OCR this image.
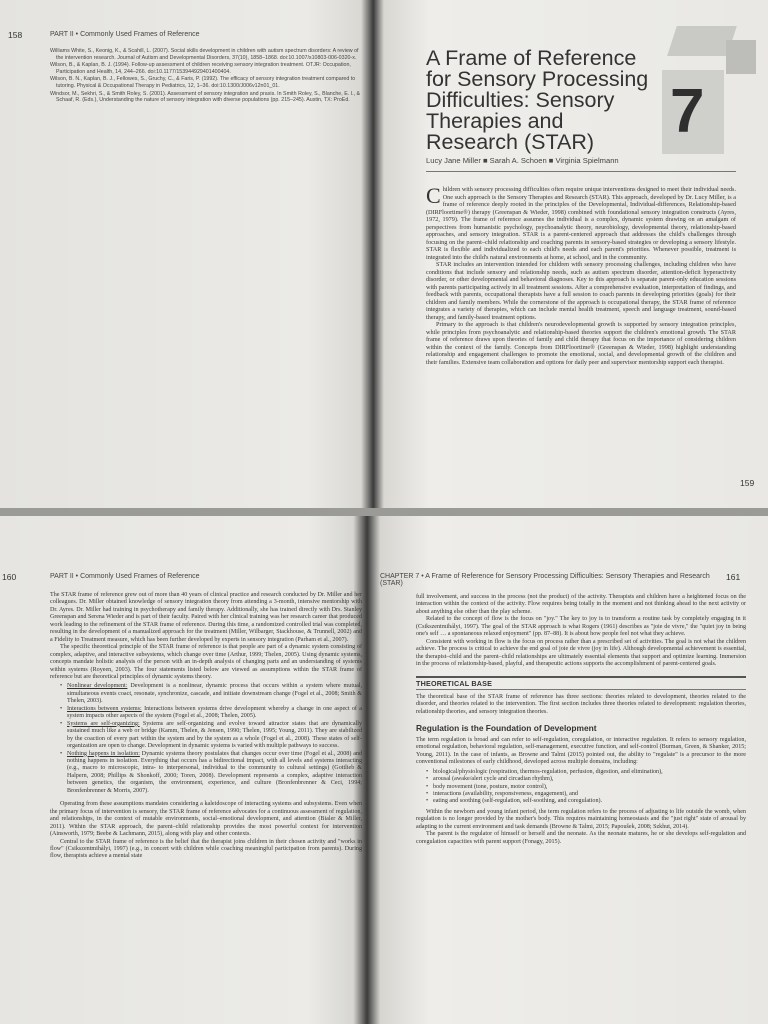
158	PART II • Commonly Used Frames of Reference

Williams White, S., Keonig, K., & Scahill, L. (2007). Social skills development in children with autism spectrum disorders: A review of the intervention research. Journal of Autism and Developmental Disorders, 37(10), 1858–1868. doi:10.1007/s10803-006-0320-x.

Wilson, B., & Kaplan, B. J. (1994). Follow-up assessment of children receiving sensory integration treatment. OTJR: Occupation, Participation and Health, 14, 244–266. doi:10.1177/153944929401400404.

Wilson, B. N., Kaplan, B. J., Fellowes, S., Gruchy, C., & Faris, P. (1992). The efficacy of sensory integration treatment compared to tutoring. Physical & Occupational Therapy in Pediatrics, 12, 1–36. doi:10.1300/J006v12n01_01.

Windsor, M., Sekhri, S., & Smith Roley, S. (2001). Assessment of sensory integration and praxis. In Smith Roley, S., Blanche, E. I., & Schaaf, R. (Eds.), Understanding the nature of sensory integration with diverse populations (pp. 215–245). Austin, TX: ProEd.

A Frame of Reference for Sensory Processing Difficulties: Sensory Therapies and Research (STAR)	7
Lucy Jane Miller ■ Sarah A. Schoen ■ Virginia Spielmann

Children with sensory processing difficulties often require unique interventions designed to meet their individual needs. One such approach is the Sensory Therapies and Research (STAR). This approach, developed by Dr. Lucy Miller, is a frame of reference deeply rooted in the principles of the Developmental, Individual-differences, Relationship-based (DIRFloortime®) therapy (Greenspan & Wieder, 1998) combined with foundational sensory integration constructs (Ayres, 1972, 1979). The frame of reference assumes the individual is a complex, dynamic system drawing on an amalgam of perspectives from humanistic psychology, psychoanalytic theory, neurobiology, developmental theory, relationship-based approaches, and sensory integration. STAR is a parent-centered approach that addresses the child's challenges through focusing on the parent–child relationship and coaching parents in sensory-based strategies or developing a sensory lifestyle. STAR is flexible and individualized to each child's needs and each parent's priorities. Whenever possible, treatment is integrated into the child's natural environments at home, at school, and in the community.

STAR includes an intervention intended for children with sensory processing challenges, including children who have conditions that include sensory and relationship needs, such as autism spectrum disorder, attention-deficit hyperactivity disorder, or other developmental and behavioral diagnoses. Key to this approach is separate parent-only education sessions with parents participating actively in all treatment sessions. After a comprehensive evaluation, interpretation of findings, and feedback with parents, occupational therapists have a full session to coach parents in developing priorities (goals) for their children and family members. While the cornerstone of the approach is occupational therapy, the STAR frame of reference integrates a variety of therapies, which can include mental health treatment, speech and language treatment, sound-based therapy, and family-based treatment options.

Primary to the approach is that children's neurodevelopmental growth is supported by sensory integration principles, while principles from psychoanalytic and relationship-based theories support the children's emotional growth. The STAR frame of reference draws upon theories of family and child therapy that focus on the importance of considering children within the context of the family. Concepts from DIRFloortime® (Greenspan & Wieder, 1998) highlight understanding relationship and engagement challenges to promote the emotional, social, and developmental growth of the children and their families. Extensive team collaboration and options for daily peer and supervisor mentorship support each therapist.

159
160	PART II • Commonly Used Frames of Reference

The STAR frame of reference grew out of more than 40 years of clinical practice and research conducted by Dr. Miller and her colleagues. Dr. Miller obtained knowledge of sensory integration theory from attending a 3-month, intensive mentorship with Dr. Ayres. Dr. Miller had training in psychotherapy and family therapy. Additionally, she has trained directly with Drs. Stanley Greenspan and Serena Wieder and is part of their faculty. Paired with her clinical training was her research career that produced work leading to the refinement of the STAR frame of reference. During this time, a randomized controlled trial was completed, resulting in the development of a manualized approach for the treatment (Miller, Wilbarger, Stackhouse, & Trunnell, 2002) and a Fidelity to Treatment measure, which has been further developed by experts in sensory integration (Parham et al., 2007).

The specific theoretical principle of the STAR frame of reference is that people are part of a dynamic system consisting of complex, adaptive, and interactive subsystems, which change over time (Arthur, 1999; Thelen, 2005). Using dynamic systems, concepts mandate holistic analysis of the person with an in-depth analysis of changing parts and an understanding of systems within systems (Royeen, 2003). The four statements listed below are viewed as assumptions within the STAR frame of reference but are theoretical principles of dynamic systems theory.

• Nonlinear development: Development is a nonlinear, dynamic process that occurs within a system where mutual, simultaneous events coact, resonate, synchronize, cascade, and initiate downstream change (Fogel et al., 2008; Smith & Thelen, 2003).
• Interactions between systems: Interactions between systems drive development whereby a change in one aspect of a system impacts other aspects of the system (Fogel et al., 2008; Thelen, 2005).
• Systems are self-organizing: Systems are self-organizing and evolve toward attractor states that are dynamically sustained much like a web or bridge (Kamm, Thelen, & Jensen, 1990; Thelen, 1995; Young, 2011). They are stabilized by the coaction of every part within the system and by the system as a whole (Fogel et al., 2008). These states of self-organization are open to change. Development in dynamic systems is varied with multiple pathways to success.
• Nothing happens in isolation: Dynamic systems theory postulates that changes occur over time (Fogel et al., 2008) and nothing happens in isolation. Everything that occurs has a bidirectional impact, with all levels and systems interacting (e.g., macro to microscopic, intra- to interpersonal, individual to the community to cultural settings) (Gottlieb & Halpern, 2008; Phillips & Shonkoff, 2000; Toren, 2008). Development represents a complex, adaptive interaction between genetics, the organism, the environment, experience, and culture (Bronfenbrenner & Ceci, 1994; Bronfenbrenner & Morris, 2007).

Operating from these assumptions mandates considering a kaleidoscope of interacting systems and subsystems. Even when the primary focus of intervention is sensory, the STAR frame of reference advocates for a continuous assessment of regulation, and relationships, in the context of mutable environments, social–emotional development, and attention (Bialer & Miller, 2011). Within the STAR approach, the parent–child relationship provides the most powerful context for intervention (Ainsworth, 1979; Beebe & Lachmann, 2015), along with play and other contexts.

Central to the STAR frame of reference is the belief that the therapist joins children in their chosen activity and "works in flow" (Csikszentmihályi, 1997) (e.g., in concert with children while coaching meaningful participation from parents). During flow, therapists achieve a mental state

CHAPTER 7 • A Frame of Reference for Sensory Processing Difficulties: Sensory Therapies and Research (STAR)
161

full involvement, and success in the process (not the product) of the activity. Therapists and children have a heightened focus on the interaction within the context of the activity. Flow requires being totally in the moment and not thinking ahead to the next activity or about anything else other than the play scheme.

Related to the concept of flow is the focus on "joy." The key to joy is to transform a routine task by completely engaging in it (Csikszentmihályi, 1997). The goal of the STAR approach is what Rogers (1961) describes as "joie de vivre," the "quiet joy in being one's self … a spontaneous relaxed enjoyment" (pp. 87–88). It is about how people feel not what they achieve.

Consistent with working in flow is the focus on process rather than a prescribed set of activities. The goal is not what the children achieve. The process is critical to achieve the end goal of joie de vivre (joy in life). Although developmental achievement is essential, the therapist–child and the parent–child relationships are ultimately essential elements that support and optimize learning. Immersion in the process of relationship-based, playful, and therapeutic actions supports the accomplishment of parent-centered goals.

THEORETICAL BASE

The theoretical base of the STAR frame of reference has three sections: theories related to development, theories related to the disorder, and theories related to the intervention. The first section includes three theories related to development: regulation theories, relationship theories, and sensory integration theories.

Regulation is the Foundation of Development

The term regulation is broad and can refer to self-regulation, coregulation, or interactive regulation. It refers to sensory regulation, emotional regulation, behavioral regulation, self-management, executive function, and self-control (Burman, Green, & Shanker, 2015; Young, 2011). In the case of infants, as Browne and Talmi (2015) pointed out, the ability to "regulate" is a precursor to the more conventional milestones of early childhood, developed across multiple domains, including:

• biological/physiologic (respiration, thermos-regulation, perfusion, digestion, and elimination),
• arousal (awake/alert cycle and circadian rhythm),
• body movement (tone, posture, motor control),
• interactions (availability, responsiveness, engagement), and
• eating and soothing (self-regulation, self-soothing, and coregulation).

Within the newborn and young infant period, the term regulation refers to the process of adjusting to life outside the womb, when regulation is no longer provided by the mother's body. This requires maintaining homeostasis and the "just right" state of arousal by adapting to the current environment and task demands (Browne & Talmi, 2015; Papoušek, 2008; Szkhut, 2014).

The parent is the regulator of himself or herself and the neonate. As the neonate matures, he or she develops self-regulation and coregulation capacities with parent support (Fonagy, 2015).
